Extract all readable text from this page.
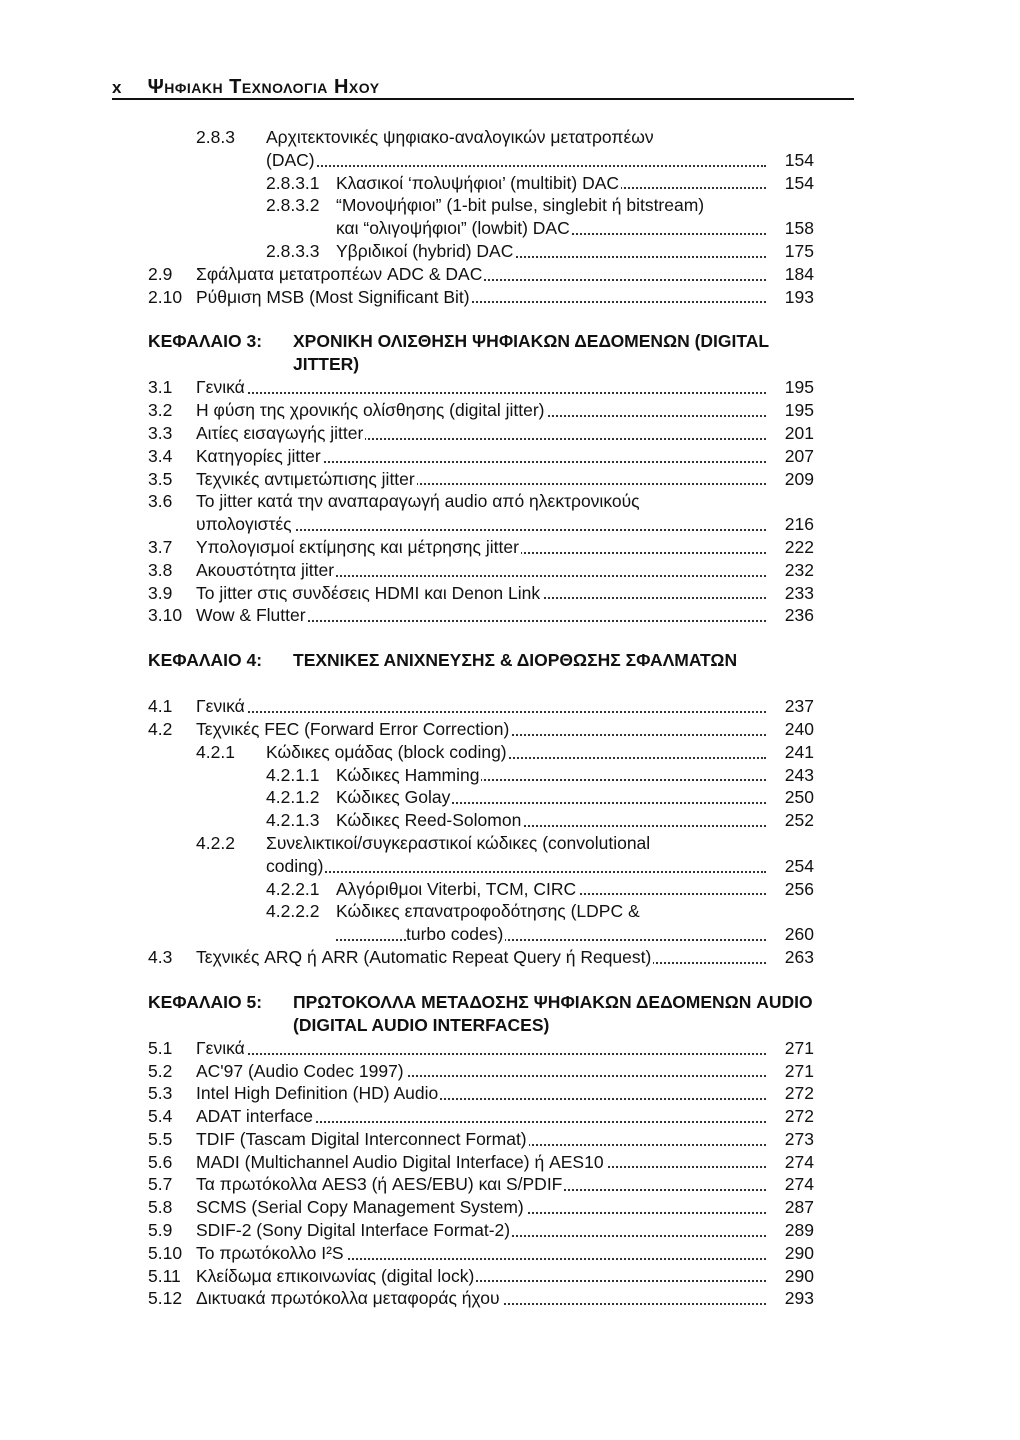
x Ψηφιακη Τεχνολογια Ηχου
2.8.3 Αρχιτεκτονικές ψηφιακο-αναλογικών μετατροπέων
(DAC)	154
2.8.3.1 Κλασικοί ‘πολυψήφιοι’ (multibit) DAC	154
2.8.3.2 “Μονοψήφιοι” (1-bit pulse, singlebit ή bitstream)
και “ολιγοψήφιοι” (lowbit) DAC	158
2.8.3.3 Υβριδικοί (hybrid) DAC	175
2.9 Σφάλματα μετατροπέων ADC & DAC	184
2.10 Ρύθμιση MSB (Most Significant Bit)	193
ΚΕΦΑΛΑΙΟ 3: ΧΡΟΝΙΚΗ ΟΛΙΣΘΗΣΗ ΨΗΦΙΑΚΩΝ ΔΕΔΟΜΕΝΩΝ (DIGITAL JITTER)
3.1 Γενικά	195
3.2 Η φύση της χρονικής ολίσθησης (digital jitter)	195
3.3 Αιτίες εισαγωγής jitter	201
3.4 Κατηγορίες jitter	207
3.5 Τεχνικές αντιμετώπισης jitter	209
3.6 To jitter κατά την αναπαραγωγή audio από ηλεκτρονικούς
υπολογιστές	216
3.7 Υπολογισμοί εκτίμησης και μέτρησης jitter	222
3.8 Ακουστότητα jitter	232
3.9 To jitter στις συνδέσεις HDMI και Denon Link	233
3.10 Wow & Flutter	236
ΚΕΦΑΛΑΙΟ 4: ΤΕΧΝΙΚΕΣ ΑΝΙΧΝΕΥΣΗΣ & ΔΙΟΡΘΩΣΗΣ ΣΦΑΛΜΑΤΩΝ
4.1 Γενικά	237
4.2 Τεχνικές FEC (Forward Error Correction)	240
4.2.1 Κώδικες ομάδας (block coding)	241
4.2.1.1 Κώδικες Hamming	243
4.2.1.2 Κώδικες Golay	250
4.2.1.3 Κώδικες Reed-Solomon	252
4.2.2 Συνελικτικοί/συγκεραστικοί κώδικες (convolutional
coding)	254
4.2.2.1 Αλγόριθμοι Viterbi, TCM, CIRC	256
4.2.2.2 Κώδικες επανατροφοδότησης (LDPC &
turbo codes)	260
4.3 Τεχνικές ARQ ή ARR (Automatic Repeat Query ή Request)	263
ΚΕΦΑΛΑΙΟ 5: ΠΡΩΤΟΚΟΛΛΑ ΜΕΤΑΔΟΣΗΣ ΨΗΦΙΑΚΩΝ ΔΕΔΟΜΕΝΩΝ AUDIO (DIGITAL AUDIO INTERFACES)
5.1 Γενικά	271
5.2 AC'97 (Audio Codec 1997)	271
5.3 Intel High Definition (HD) Audio	272
5.4 ADAT interface	272
5.5 TDIF (Tascam Digital Interconnect Format)	273
5.6 MADI (Multichannel Audio Digital Interface) ή AES10	274
5.7 Τα πρωτόκολλα AES3 (ή AES/EBU) και S/PDIF	274
5.8 SCMS (Serial Copy Management System)	287
5.9 SDIF-2 (Sony Digital Interface Format-2)	289
5.10 Το πρωτόκολλο I²S	290
5.11 Κλείδωμα επικοινωνίας (digital lock)	290
5.12 Δικτυακά πρωτόκολλα μεταφοράς ήχου	293
